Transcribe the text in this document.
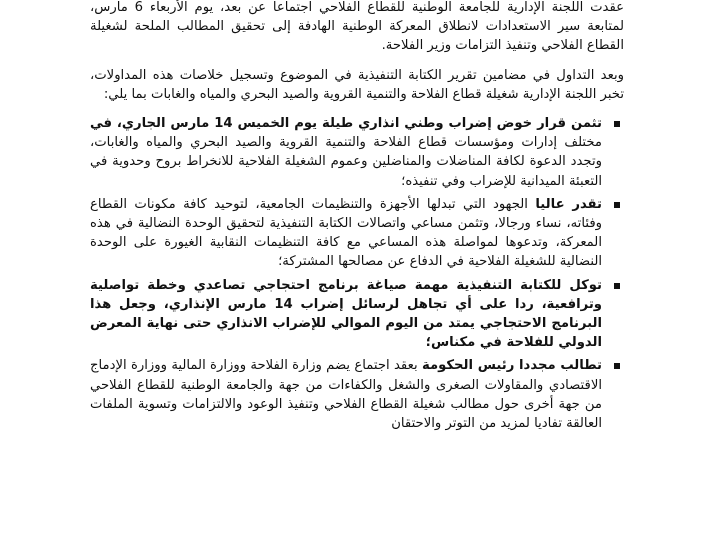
عقدت اللجنة الإدارية للجامعة الوطنية للقطاع الفلاحي اجتماعا عن بعد، يوم الأربعاء 6 مارس، لمتابعة سير الاستعدادات لانطلاق المعركة الوطنية الهادفة إلى تحقيق المطالب الملحة لشغيلة القطاع الفلاحي وتنفيذ التزامات وزير الفلاحة.

وبعد التداول في مضامين تقرير الكتابة التنفيذية في الموضوع وتسجيل خلاصات هذه المداولات، تخبر اللجنة الإدارية شغيلة قطاع الفلاحة والتنمية القروية والصيد البحري والمياه والغابات بما يلي:

تثمن قرار خوض إضراب وطني انذاري طيلة يوم الخميس 14 مارس الجاري، في مختلف إدارات ومؤسسات قطاع الفلاحة والتنمية القروية والصيد البحري والمياه والغابات، وتجدد الدعوة لكافة المناضلات والمناضلين وعموم الشغيلة الفلاحية للانخراط بروح وحدوية في التعبئة الميدانية للإضراب وفي تنفيذه؛
تقدر عاليا الجهود التي تبدلها الأجهزة والتنظيمات الجامعية، لتوحيد كافة مكونات القطاع وفئاته، نساء ورجالا، وتثمن مساعي واتصالات الكتابة التنفيذية لتحقيق الوحدة النضالية في هذه المعركة، وتدعوها لمواصلة هذه المساعي مع كافة التنظيمات النقابية الغيورة على الوحدة النضالية للشغيلة الفلاحية في الدفاع عن مصالحها المشتركة؛
توكل للكتابة التنفيذية مهمة صياغة برنامج احتجاجي تصاعدي وخطة تواصلية وترافعية، ردا على أي تجاهل لرسائل إضراب 14 مارس الإنذاري، وجعل هذا البرنامج الاحتجاجي يمتد من اليوم الموالي للإضراب الانذاري حتى نهاية المعرض الدولي للفلاحة في مكناس؛
تطالب مجددا رئيس الحكومة بعقد اجتماع يضم وزارة الفلاحة ووزارة المالية ووزارة الإدماج الاقتصادي والمقاولات الصغرى والشغل والكفاءات من جهة والجامعة الوطنية للقطاع الفلاحي من جهة أخرى حول مطالب شغيلة القطاع الفلاحي وتنفيذ الوعود والالتزامات وتسوية الملفات العالقة تفاديا لمزيد من التوتر والاحتقان
